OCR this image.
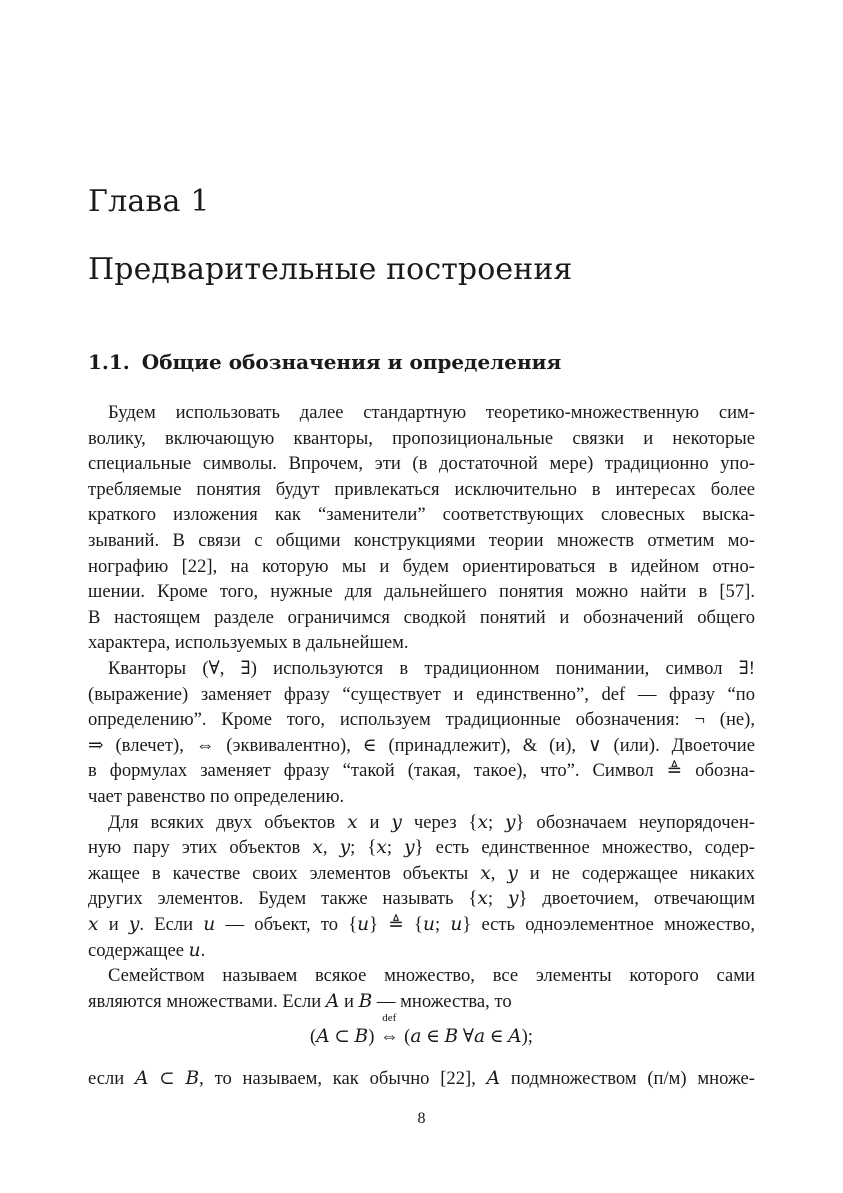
Глава 1
Предварительные построения
1.1. Общие обозначения и определения
Будем использовать далее стандартную теоретико-множественную сим-
волику, включающую кванторы, пропозициональные связки и некоторые
специальные символы. Впрочем, эти (в достаточной мере) традиционно упо-
требляемые понятия будут привлекаться исключительно в интересах более
краткого изложения как “заменители” соответствующих словесных выска-
зываний. В связи с общими конструкциями теории множеств отметим мо-
нографию [22], на которую мы и будем ориентироваться в идейном отно-
шении. Кроме того, нужные для дальнейшего понятия можно найти в [57].
В настоящем разделе ограничимся сводкой понятий и обозначений общего
характера, используемых в дальнейшем.
Кванторы (∀, ∃) используются в традиционном понимании, символ ∃!
(выражение) заменяет фразу “существует и единственно”, def — фразу “по
определению”. Кроме того, используем традиционные обозначения: ¬ (не),
⇒ (влечет), ⇔ (эквивалентно), ∈ (принадлежит), & (и), ∨ (или). Двоеточие
в формулах заменяет фразу “такой (такая, такое), что”. Символ ≜ обозна-
чает равенство по определению.
Для всяких двух объектов 𝑥 и 𝑦 через {𝑥; 𝑦} обозначаем неупорядочен-
ную пару этих объектов 𝑥, 𝑦; {𝑥; 𝑦} есть единственное множество, содер-
жащее в качестве своих элементов объекты 𝑥, 𝑦 и не содержащее никаких
других элементов. Будем также называть {𝑥; 𝑦} двоеточием, отвечающим
𝑥 и 𝑦. Если 𝑢 — объект, то {𝑢} ≜ {𝑢; 𝑢} есть одноэлементное множество,
содержащее 𝑢.
Семейством называем всякое множество, все элементы которого сами
являются множествами. Если 𝐴 и 𝐵 — множества, то
(𝐴 ⊂ 𝐵)
def
⇔ (𝑎 ∈ 𝐵 ∀𝑎 ∈ 𝐴);
если 𝐴 ⊂ 𝐵, то называем, как обычно [22], 𝐴 подмножеством (п/м) множе-
8
